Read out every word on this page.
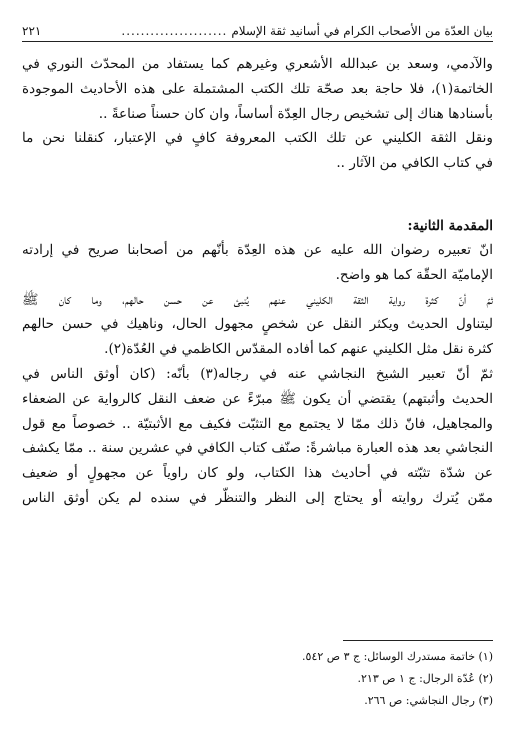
بيان العدّة من الأصحاب الكرام في أسانيد ثقة الإسلام
......................
٢٢١
والآدمي، وسعد بن عبدالله الأشعري وغيرهم كما يستفاد من المحدّث النوري في
الخاتمة(١)، فلا حاجة بعد صحّة تلك الكتب المشتملة على هذه الأحاديث الموجودة
بأسنادها هناك إلى تشخيص رجال العِدّة أساساً، وان كان حسناً صناعةً ..
ونقل الثقة الكليني عن تلك الكتب المعروفة كافٍ في الإعتبار، كنقلنا نحن ما
في كتاب الكافي من الآثار ..
المقدمة الثانية:
انّ تعبيره رضوان الله عليه عن هذه العِدّة بأنّهم من أصحابنا صريح في إرادته
الإماميّة الحقّة كما هو واضح.
ثمّ أنّ كثرة رواية الثقة الكليني عنهم يُنبئ عن حسن حالهم، وما كان ﷺ
ليتناول الحديث ويكثر النقل عن شخصٍ مجهول الحال، وناهيك في حسن حالهم
كثرة نقل مثل الكليني عنهم كما أفاده المقدّس الكاظمي في العُدّة(٢).
ثمّ أنّ تعبير الشيخ النجاشي عنه في رجاله(٣) بأنّه: (كان أوثق الناس في
الحديث وأثبتهم) يقتضي أن يكون ﷺ مبرّءً عن ضعف النقل كالرواية عن الضعفاء
والمجاهيل، فانّ ذلك ممّا لا يجتمع مع التثبّت فكيف مع الأثبتيّة .. خصوصاً مع قول
النجاشي بعد هذه العبارة مباشرةً: صنّف كتاب الكافي في عشرين سنة .. ممّا يكشف
عن شدّة تثبّته في أحاديث هذا الكتاب، ولو كان راوياً عن مجهولٍ أو ضعيف
ممّن يُترك روايته أو يحتاج إلى النظر والتنظّر في سنده لم يكن أوثق الناس
(١) خاتمة مستدرك الوسائل: ج ٣ ص ٥٤٢.
(٢) عُدّة الرجال: ج ١ ص ٢١٣.
(٣) رجال النجاشي: ص ٢٦٦.
